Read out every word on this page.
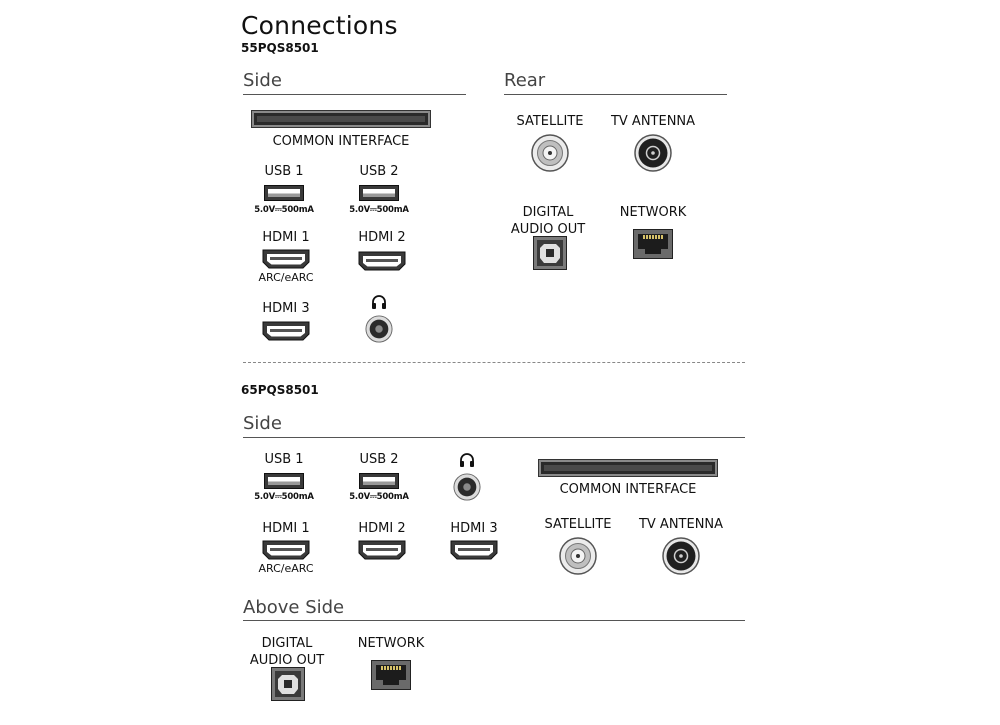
Connections
55PQS8501
Side
COMMON INTERFACE
USB 1
5.0V⎓500mA
USB 2
5.0V⎓500mA
HDMI 1
ARC/eARC
HDMI 2
HDMI 3
Rear
SATELLITE	TV ANTENNA
DIGITAL
AUDIO OUT
NETWORK
65PQS8501
Side
USB 1
5.0V⎓500mA
USB 2
5.0V⎓500mA
HDMI 1
ARC/eARC
HDMI 2	HDMI 3
COMMON INTERFACE
SATELLITE	TV ANTENNA
Above Side
DIGITAL
AUDIO OUT
NETWORK
